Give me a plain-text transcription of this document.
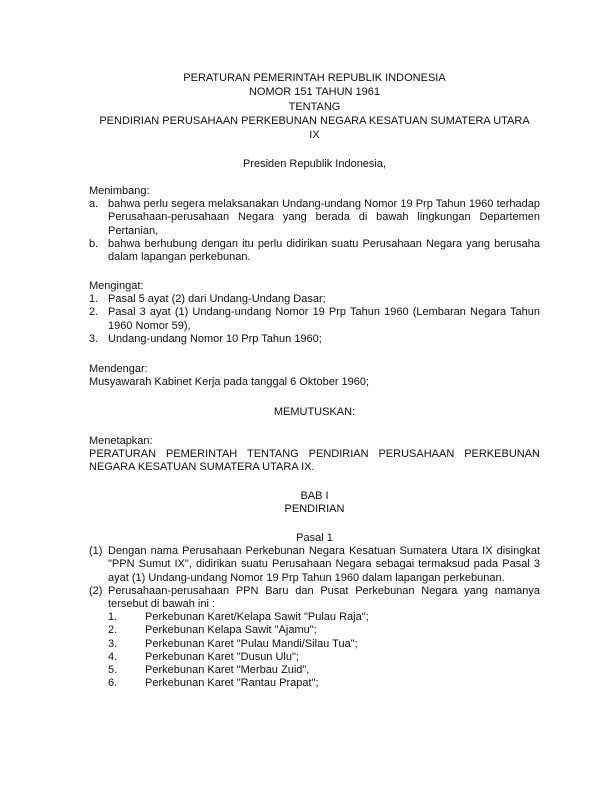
PERATURAN PEMERINTAH REPUBLIK INDONESIA
NOMOR 151 TAHUN 1961
TENTANG
PENDIRIAN PERUSAHAAN PERKEBUNAN NEGARA KESATUAN SUMATERA UTARA
IX
Presiden Republik Indonesia,
Menimbang:
a. bahwa perlu segera melaksanakan Undang-undang Nomor 19 Prp Tahun 1960 terhadap Perusahaan-perusahaan Negara yang berada di bawah lingkungan Departemen Pertanian,
b. bahwa berhubung dengan itu perlu didirikan suatu Perusahaan Negara yang berusaha dalam lapangan perkebunan.
Mengingat:
1. Pasal 5 ayat (2) dari Undang-Undang Dasar;
2. Pasal 3 ayat (1) Undang-undang Nomor 19 Prp Tahun 1960 (Lembaran Negara Tahun 1960 Nomor 59),
3. Undang-undang Nomor 10 Prp Tahun 1960;
Mendengar:
Musyawarah Kabinet Kerja pada tanggal 6 Oktober 1960;
MEMUTUSKAN:
Menetapkan:
PERATURAN PEMERINTAH TENTANG PENDIRIAN PERUSAHAAN PERKEBUNAN NEGARA KESATUAN SUMATERA UTARA IX.
BAB I
PENDIRIAN
Pasal 1
(1) Dengan nama Perusahaan Perkebunan Negara Kesatuan Sumatera Utara IX disingkat "PPN Sumut IX", didirikan suatu Perusahaan Negara sebagai termaksud pada Pasal 3 ayat (1) Undang-undang Nomor 19 Prp Tahun 1960 dalam lapangan perkebunan.
(2) Perusahaan-perusahaan PPN Baru dan Pusat Perkebunan Negara yang namanya tersebut di bawah ini :
1.	Perkebunan Karet/Kelapa Sawit "Pulau Raja";
2.	Perkebunan Kelapa Sawit "Ajamu";
3.	Perkebunan Karet "Pulau Mandi/Silau Tua";
4.	Perkebunan Karet "Dusun Ulu";
5.	Perkebunan Karet "Merbau Zuid",
6.	Perkebunan Karet "Rantau Prapat";
